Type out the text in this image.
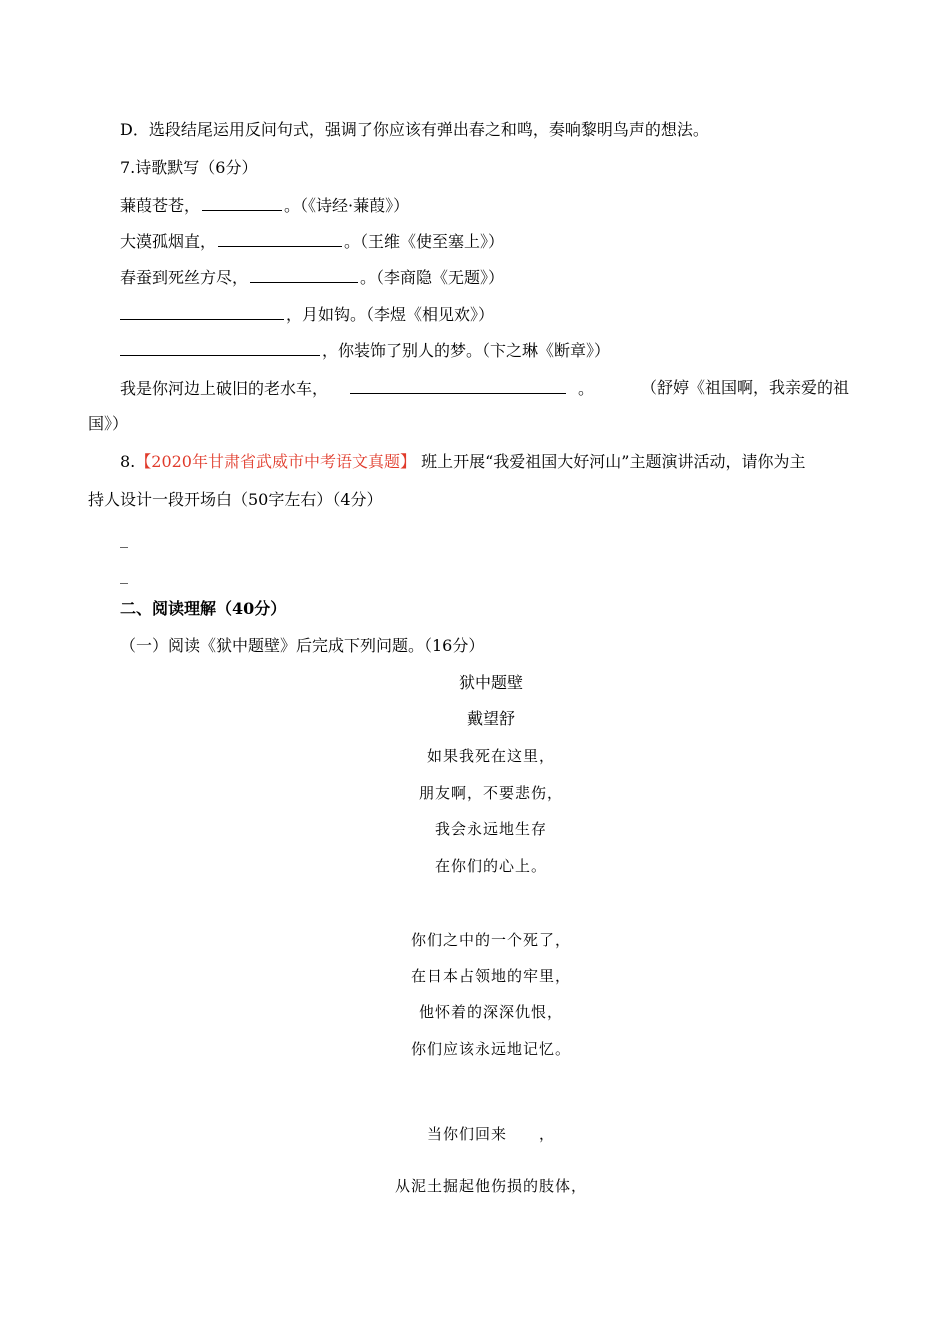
D．选段结尾运用反问句式，强调了你应该有弹出春之和鸣，奏响黎明鸟声的想法。
7.诗歌默写（6分）
蒹葭苍苍，	。（《诗经·蒹葭》）
大漠孤烟直，	。（王维《使至塞上》）
春蚕到死丝方尽，	。（李商隐《无题》）
，月如钩。（李煜《相见欢》）
，你装饰了别人的梦。（卞之琳《断章》）
我是你河边上破旧的老水车，	。	（舒婷《祖国啊，我亲爱的祖
国》）
8.【2020年甘肃省武威市中考语文真题】 班上开展“我爱祖国大好河山”主题演讲活动，请你为主
持人设计一段开场白（50字左右）（4分）
_
_
二、阅读理解（40分）
（一）阅读《狱中题壁》后完成下列问题。（16分）
狱中题壁
戴望舒
如果我死在这里，
朋友啊，不要悲伤，
我会永远地生存
在你们的心上。
你们之中的一个死了，
在日本占领地的牢里，
他怀着的深深仇恨，
你们应该永远地记忆。
当你们回来　　，
从泥土掘起他伤损的肢体，
